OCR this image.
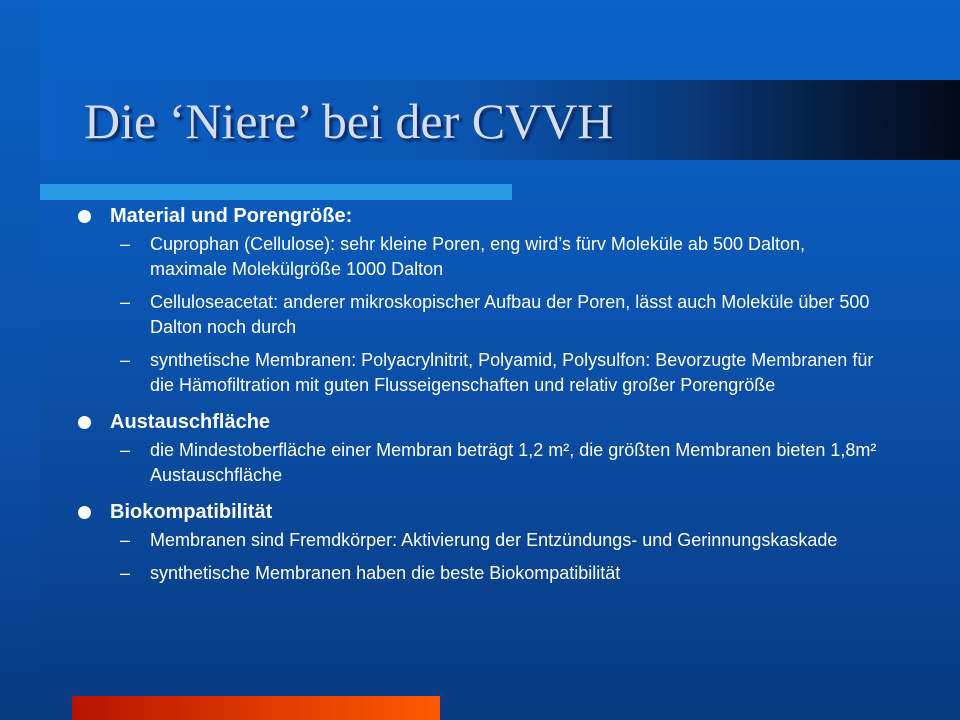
Die ‘Niere’ bei der CVVH
Material und Porengröße:
–	Cuprophan (Cellulose): sehr kleine Poren, eng wird’s fürv Moleküle ab 500 Dalton, maximale Molekülgröße 1000 Dalton
–	Celluloseacetat: anderer mikroskopischer Aufbau der Poren, lässt auch Moleküle über 500 Dalton noch durch
–	synthetische Membranen: Polyacrylnitrit, Polyamid, Polysulfon: Bevorzugte Membranen für die Hämofiltration mit guten Flusseigenschaften und relativ großer Porengröße
Austauschfläche
–	die Mindestoberfläche einer Membran beträgt 1,2 m², die größten Membranen bieten 1,8m² Austauschfläche
Biokompatibilität
–	Membranen sind Fremdkörper: Aktivierung der Entzündungs- und Gerinnungskaskade
–	synthetische Membranen haben die beste Biokompatibilität
